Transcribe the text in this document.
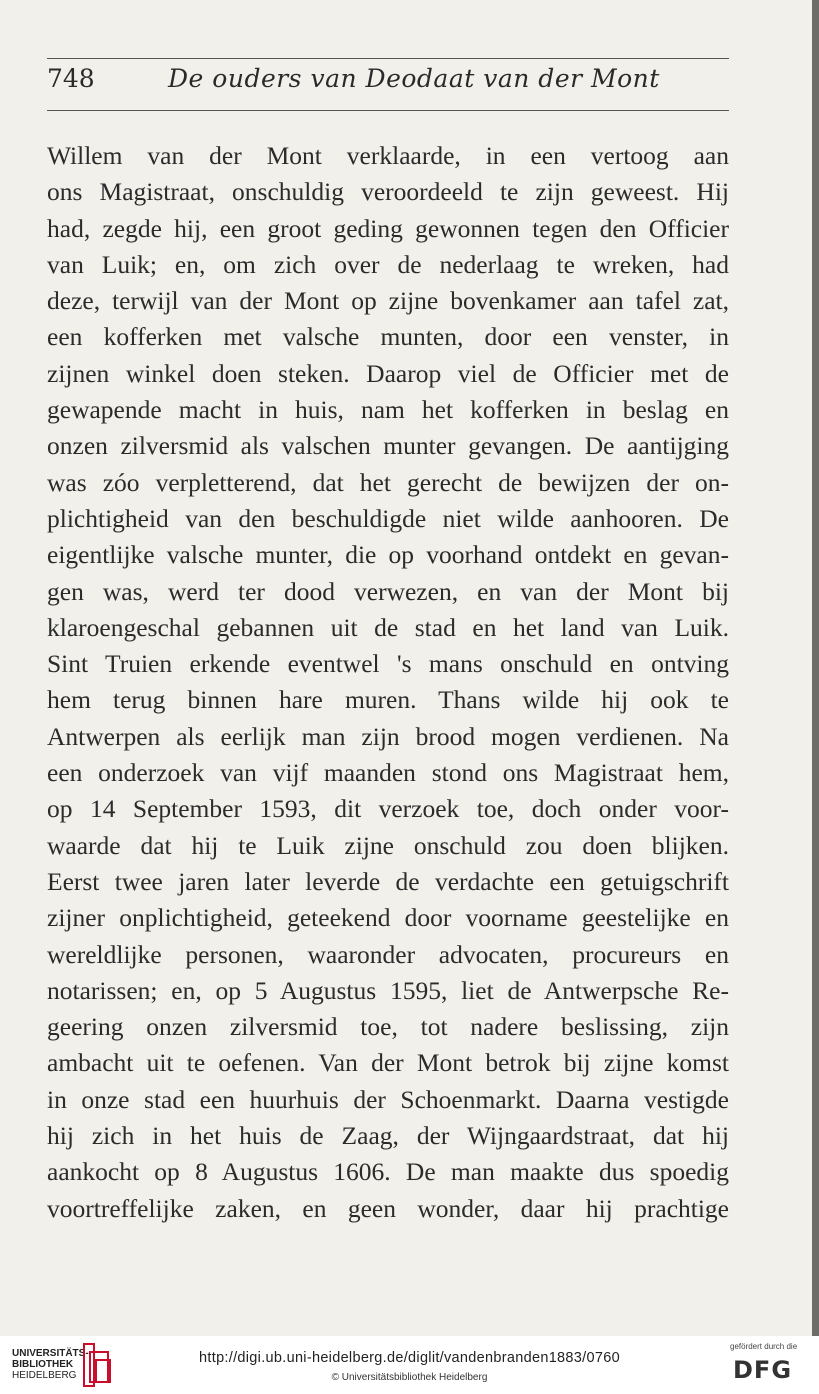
748	De ouders van Deodaat van der Mont
Willem van der Mont verklaarde, in een vertoog aan
ons Magistraat, onschuldig veroordeeld te zijn geweest. Hij
had, zegde hij, een groot geding gewonnen tegen den Officier
van Luik; en, om zich over de nederlaag te wreken, had
deze, terwijl van der Mont op zijne bovenkamer aan tafel zat,
een kofferken met valsche munten, door een venster, in
zijnen winkel doen steken. Daarop viel de Officier met de
gewapende macht in huis, nam het kofferken in beslag en
onzen zilversmid als valschen munter gevangen. De aantijging
was zóo verpletterend, dat het gerecht de bewijzen der on-
plichtigheid van den beschuldigde niet wilde aanhooren. De
eigentlijke valsche munter, die op voorhand ontdekt en gevan-
gen was, werd ter dood verwezen, en van der Mont bij
klaroengeschal gebannen uit de stad en het land van Luik.
Sint Truien erkende eventwel 's mans onschuld en ontving
hem terug binnen hare muren. Thans wilde hij ook te
Antwerpen als eerlijk man zijn brood mogen verdienen. Na
een onderzoek van vijf maanden stond ons Magistraat hem,
op 14 September 1593, dit verzoek toe, doch onder voor-
waarde dat hij te Luik zijne onschuld zou doen blijken.
Eerst twee jaren later leverde de verdachte een getuigschrift
zijner onplichtigheid, geteekend door voorname geestelijke en
wereldlijke personen, waaronder advocaten, procureurs en
notarissen; en, op 5 Augustus 1595, liet de Antwerpsche Re-
geering onzen zilversmid toe, tot nadere beslissing, zijn
ambacht uit te oefenen. Van der Mont betrok bij zijne komst
in onze stad een huurhuis der Schoenmarkt. Daarna vestigde
hij zich in het huis de Zaag, der Wijngaardstraat, dat hij
aankocht op 8 Augustus 1606. De man maakte dus spoedig
voortreffelijke zaken, en geen wonder, daar hij prachtige
UNIVERSITÄTS-
BIBLIOTHEK
HEIDELBERG
http://digi.ub.uni-heidelberg.de/diglit/vandenbranden1883/0760
© Universitätsbibliothek Heidelberg
gefördert durch die
DFG
